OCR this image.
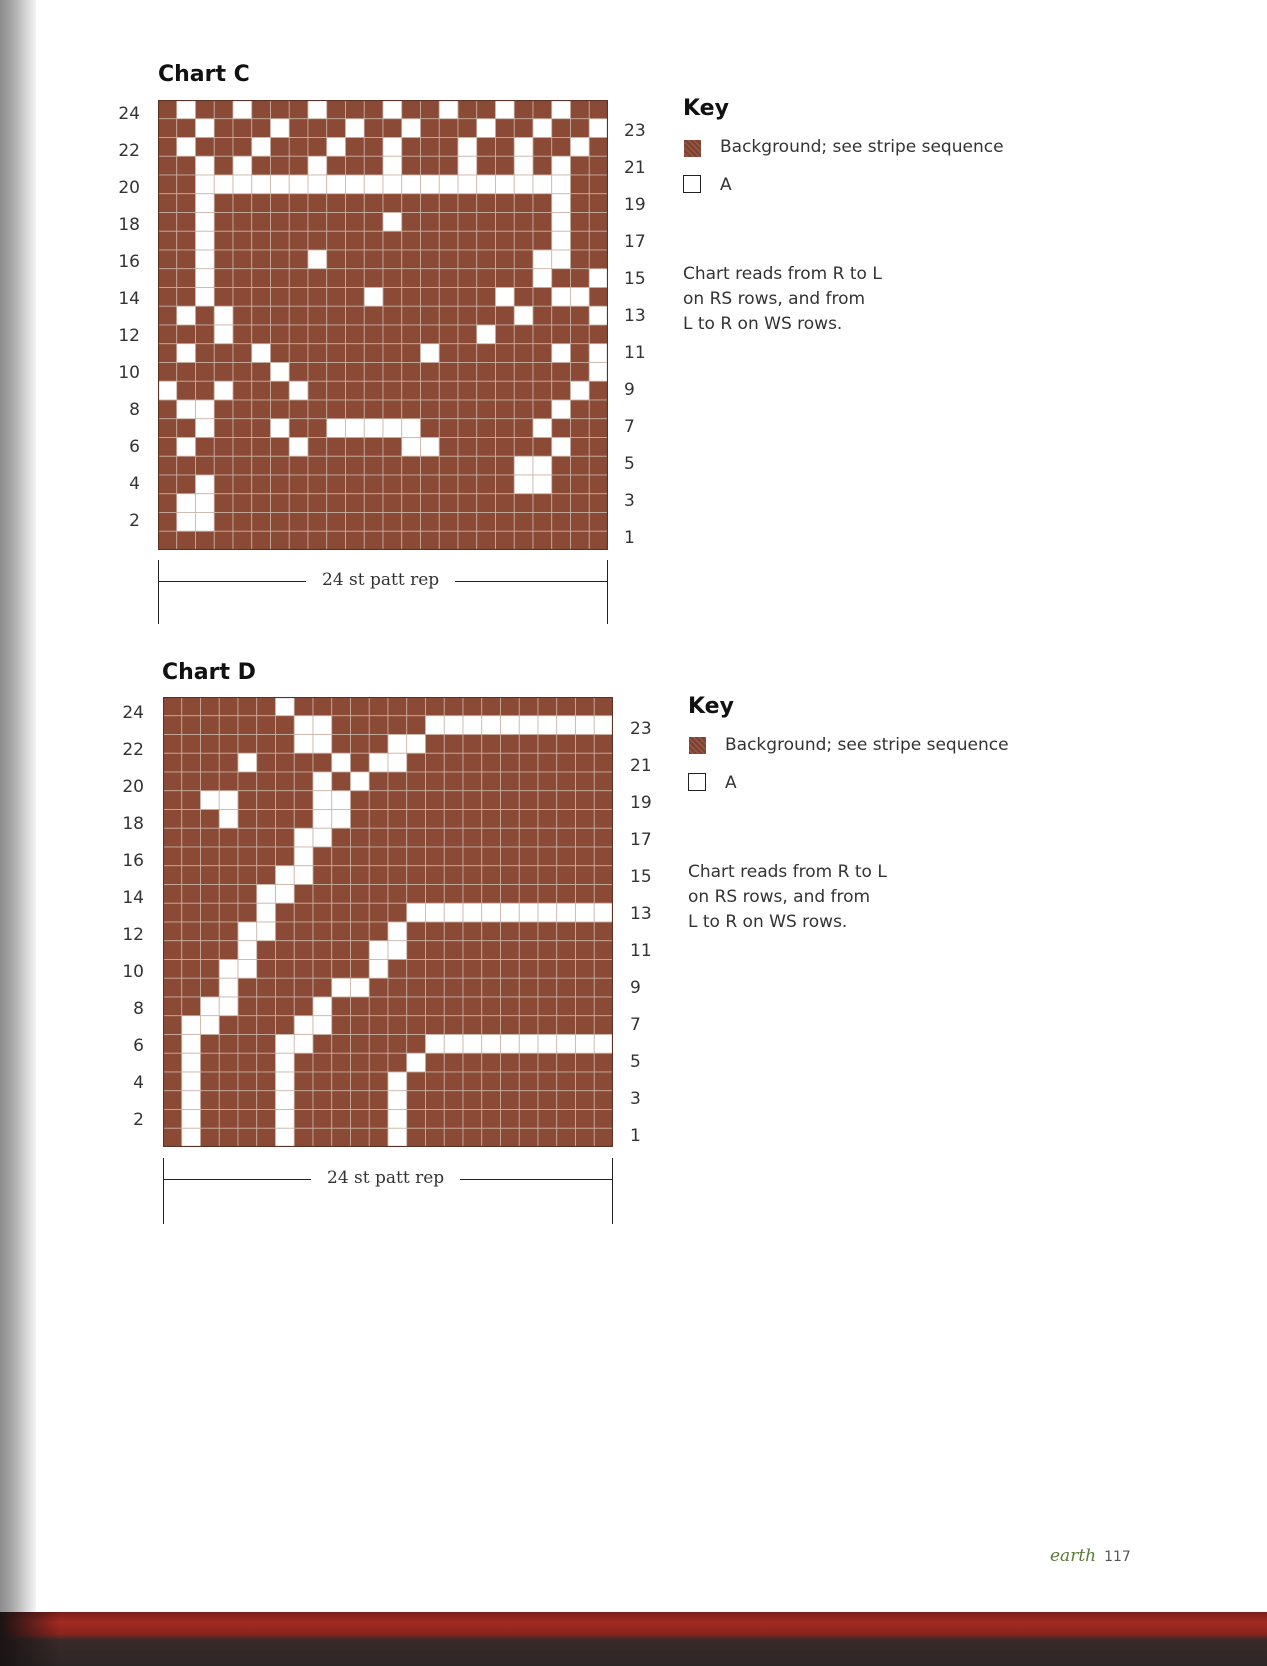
Chart C
24
22
20
18
16
14
12
10
8
6
4
2
23
21
19
17
15
13
11
9
7
5
3
1
24 st patt rep
Key
Background; see stripe sequence
A
Chart reads from R to L
on RS rows, and from
L to R on WS rows.
Chart D
24
22
20
18
16
14
12
10
8
6
4
2
23
21
19
17
15
13
11
9
7
5
3
1
24 st patt rep
Key
Background; see stripe sequence
A
Chart reads from R to L
on RS rows, and from
L to R on WS rows.
earth 117
